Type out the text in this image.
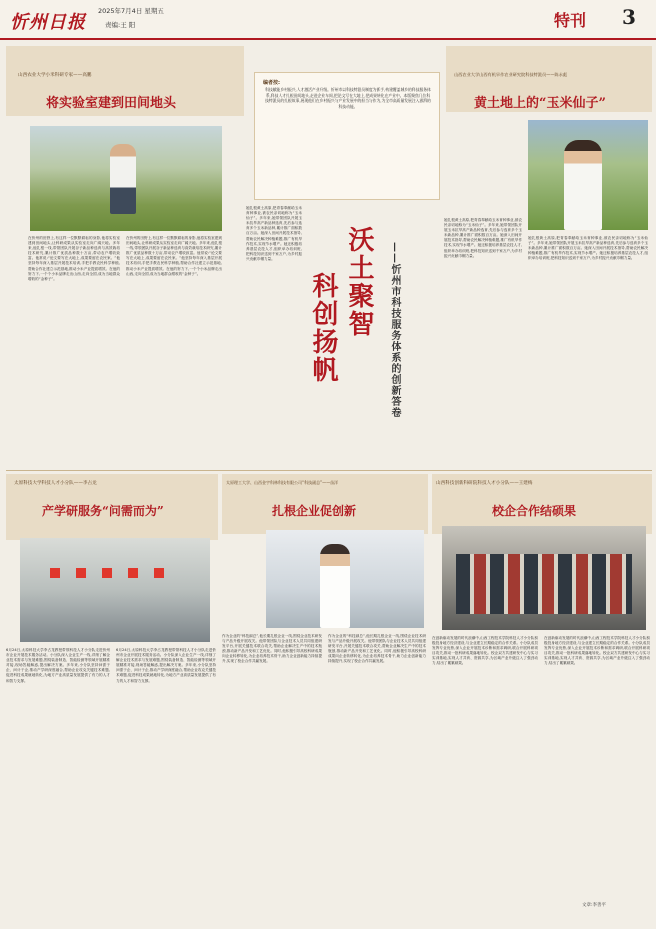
忻州日报
2025年7月4日 星期五
责编:王 阳	特刊 3
山西农业大学小米科研专家——高鹏
将实验室建到田间地头
在忻州的田野上,有这样一位默默耕耘的身影,他将实验室建到田间地头,让科研成果从实验室走向广阔天地。多年来,他扎根一线,带领团队开展谷子新品种选育与高效栽培技术研究,累计推广优质品种数十万亩,带动农户增收致富。他常说:“论文要写在大地上,成果要留在农民家。”他坚持每年深入基层开展技术培训,手把手教农民科学种植,帮助合作社建立示范基地,推动小米产业提质增效。在他的努力下,一个个小米品牌走出山西,走向全国,成为当地群众增收的“金种子”。
在忻州的田野上,有这样一位默默耕耘的身影,他将实验室建到田间地头,让科研成果从实验室走向广阔天地。多年来,他扎根一线,带领团队开展谷子新品种选育与高效栽培技术研究,累计推广优质品种数十万亩,带动农户增收致富。他常说:“论文要写在大地上,成果要留在农民家。”他坚持每年深入基层开展技术培训,手把手教农民科学种植,帮助合作社建立示范基地,推动小米产业提质增效。在他的努力下,一个个小米品牌走出山西,走向全国,成为当地群众增收的“金种子”。
编者按:
科技赋能乡村振兴,人才激活产业升级。忻州市以科技特派员制度为抓手,构建覆盖城乡的科技服务体系,科技人才扎根田间地头,走进企业车间,把论文写在大地上,把成果转化在产业中。本版聚焦几位科技特派员的扎根故事,展现他们在乡村振兴与产业发展中的担当与作为,为全市高质量发展注入澎湃的科技动能。
沃土聚智
科创扬帆	——忻州市科技服务体系的创新答卷
她扎根黄土高原,把青春奉献给玉米育种事业,被农民亲切地称为“玉米仙子”。多年来,她带领团队开展玉米抗旱高产新品种选育,先后参与选育多个玉米新品种,累计推广面积数百万亩。她深入田间开展技术指导,帮助农民解决种植难题,推广有机旱作技术,实现节水增产。她还积极培养基层农技人才,组织举办培训班,把科技知识送到千家万户,为乡村振兴贡献巾帼力量。
山西农业大学山西有机旱作农业研究院科技特派员——陈永彪
黄土地上的“玉米仙子”
她扎根黄土高原,把青春奉献给玉米育种事业,被农民亲切地称为“玉米仙子”。多年来,她带领团队开展玉米抗旱高产新品种选育,先后参与选育多个玉米新品种,累计推广面积数百万亩。她深入田间开展技术指导,帮助农民解决种植难题,推广有机旱作技术,实现节水增产。她还积极培养基层农技人才,组织举办培训班,把科技知识送到千家万户,为乡村振兴贡献巾帼力量。
她扎根黄土高原,把青春奉献给玉米育种事业,被农民亲切地称为“玉米仙子”。多年来,她带领团队开展玉米抗旱高产新品种选育,先后参与选育多个玉米新品种,累计推广面积数百万亩。她深入田间开展技术指导,帮助农民解决种植难题,推广有机旱作技术,实现节水增产。她还积极培养基层农技人才,组织举办培训班,把科技知识送到千家万户,为乡村振兴贡献巾帼力量。
太原科技大学科技人才小分队——李占龙
产学研服务“问需而为”
6月24日,太原科技大学李占龙教授带领科技人才小分队走进忻州市企业开展技术服务活动。小分队深入企业生产一线,详细了解企业技术需求与发展难题,围绕装备制造、智能检测等领域开展精准对接,现场答疑解惑,提出解决方案。多年来,小分队坚持问需于企、问计于企,推动产学研深度融合,帮助企业攻克关键技术难题,促进科技成果就地转化,为地方产业高质量发展提供了有力的人才和智力支撑。
6月24日,太原科技大学李占龙教授带领科技人才小分队走进忻州市企业开展技术服务活动。小分队深入企业生产一线,详细了解企业技术需求与发展难题,围绕装备制造、智能检测等领域开展精准对接,现场答疑解惑,提出解决方案。多年来,小分队坚持问需于企、问计于企,推动产学研深度融合,帮助企业攻克关键技术难题,促进科技成果就地转化,为地方产业高质量发展提供了有力的人才和智力支撑。
太原理工大学、山西金宇科林科技有限公司“科技副总”——苗洋
扎根企业促创新
作为企业的“科技副总”,他长期扎根企业一线,围绕企业技术研发与产品升级开展攻关。他带领团队与企业技术人员共同组建研发平台,开展关键技术联合攻关,帮助企业解决生产中的技术瓶颈,推动新产品开发和工艺优化。同时,他积极引导高校科研成果向企业转移转化,为企业培养技术骨干,助力企业创新能力持续提升,实现了校企合作共赢发展。
作为企业的“科技副总”,他长期扎根企业一线,围绕企业技术研发与产品升级开展攻关。他带领团队与企业技术人员共同组建研发平台,开展关键技术联合攻关,帮助企业解决生产中的技术瓶颈,推动新产品开发和工艺优化。同时,他积极引导高校科研成果向企业转移转化,为企业培养技术骨干,助力企业创新能力持续提升,实现了校企合作共赢发展。
山西科技创新科研院科技人才小分队——王建梅
校企合作结硕果
在创新驱动发展的时代浪潮中,山西工程技术学院科技人才小分队积极投身地方经济建设,与企业建立长期稳定的合作关系。小分队成员发挥专业优势,深入企业开展技术诊断和需求调研,联合开展科研项目攻关,推动一批科研成果落地转化。校企双方共建研发中心与实习实训基地,实现人才共育、资源共享,为区域产业升级注入了强劲动力,结出了累累硕果。
在创新驱动发展的时代浪潮中,山西工程技术学院科技人才小分队积极投身地方经济建设,与企业建立长期稳定的合作关系。小分队成员发挥专业优势,深入企业开展技术诊断和需求调研,联合开展科研项目攻关,推动一批科研成果落地转化。校企双方共建研发中心与实习实训基地,实现人才共育、资源共享,为区域产业升级注入了强劲动力,结出了累累硕果。
文章:李善平
